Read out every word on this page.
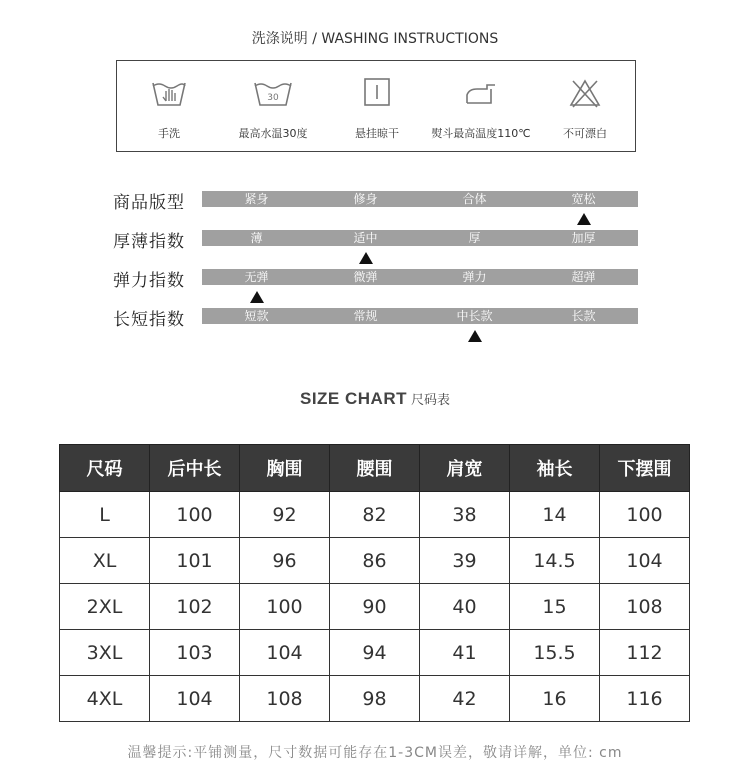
洗涤说明 / WASHING INSTRUCTIONS
手洗
30
最高水温30度	悬挂晾干	熨斗最高温度110℃	不可漂白
商品版型	紧身	修身	合体	宽松
厚薄指数	薄	适中	厚	加厚
弹力指数	无弹	微弹	弹力	超弹
长短指数	短款	常规	中长款	长款
SIZE CHART 尺码表
尺码	后中长	胸围	腰围	肩宽	袖长	下摆围
L	100	92	82	38	14	100
XL	101	96	86	39	14.5	104
2XL	102	100	90	40	15	108
3XL	103	104	94	41	15.5	112
4XL	104	108	98	42	16	116
温馨提示:平铺测量，尺寸数据可能存在1-3CM误差，敬请详解，单位: cm
